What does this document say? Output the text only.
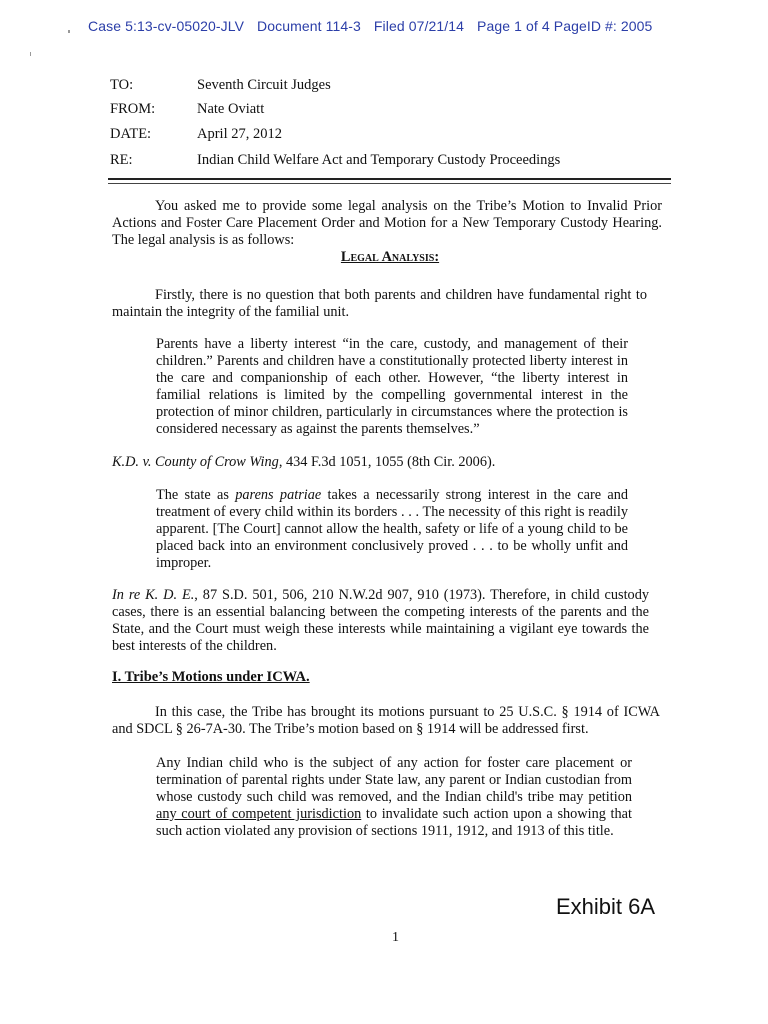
Case 5:13-cv-05020-JLV Document 114-3 Filed 07/21/14 Page 1 of 4 PageID #: 2005
TO:	Seventh Circuit Judges
FROM:	Nate Oviatt
DATE:	April 27, 2012
RE:	Indian Child Welfare Act and Temporary Custody Proceedings

You asked me to provide some legal analysis on the Tribe’s Motion to Invalid Prior Actions and Foster Care Placement Order and Motion for a New Temporary Custody Hearing. The legal analysis is as follows:

Legal Analysis:

Firstly, there is no question that both parents and children have fundamental right to maintain the integrity of the familial unit.

Parents have a liberty interest “in the care, custody, and management of their children.” Parents and children have a constitutionally protected liberty interest in the care and companionship of each other. However, “the liberty interest in familial relations is limited by the compelling governmental interest in the protection of minor children, particularly in circumstances where the protection is considered necessary as against the parents themselves.”

K.D. v. County of Crow Wing, 434 F.3d 1051, 1055 (8th Cir. 2006).

The state as parens patriae takes a necessarily strong interest in the care and treatment of every child within its borders . . . The necessity of this right is readily apparent. [The Court] cannot allow the health, safety or life of a young child to be placed back into an environment conclusively proved . . . to be wholly unfit and improper.

In re K. D. E., 87 S.D. 501, 506, 210 N.W.2d 907, 910 (1973). Therefore, in child custody cases, there is an essential balancing between the competing interests of the parents and the State, and the Court must weigh these interests while maintaining a vigilant eye towards the best interests of the children.

I. Tribe’s Motions under ICWA.

In this case, the Tribe has brought its motions pursuant to 25 U.S.C. § 1914 of ICWA and SDCL § 26-7A-30. The Tribe’s motion based on § 1914 will be addressed first.

Any Indian child who is the subject of any action for foster care placement or termination of parental rights under State law, any parent or Indian custodian from whose custody such child was removed, and the Indian child's tribe may petition any court of competent jurisdiction to invalidate such action upon a showing that such action violated any provision of sections 1911, 1912, and 1913 of this title.

Exhibit 6A
1
